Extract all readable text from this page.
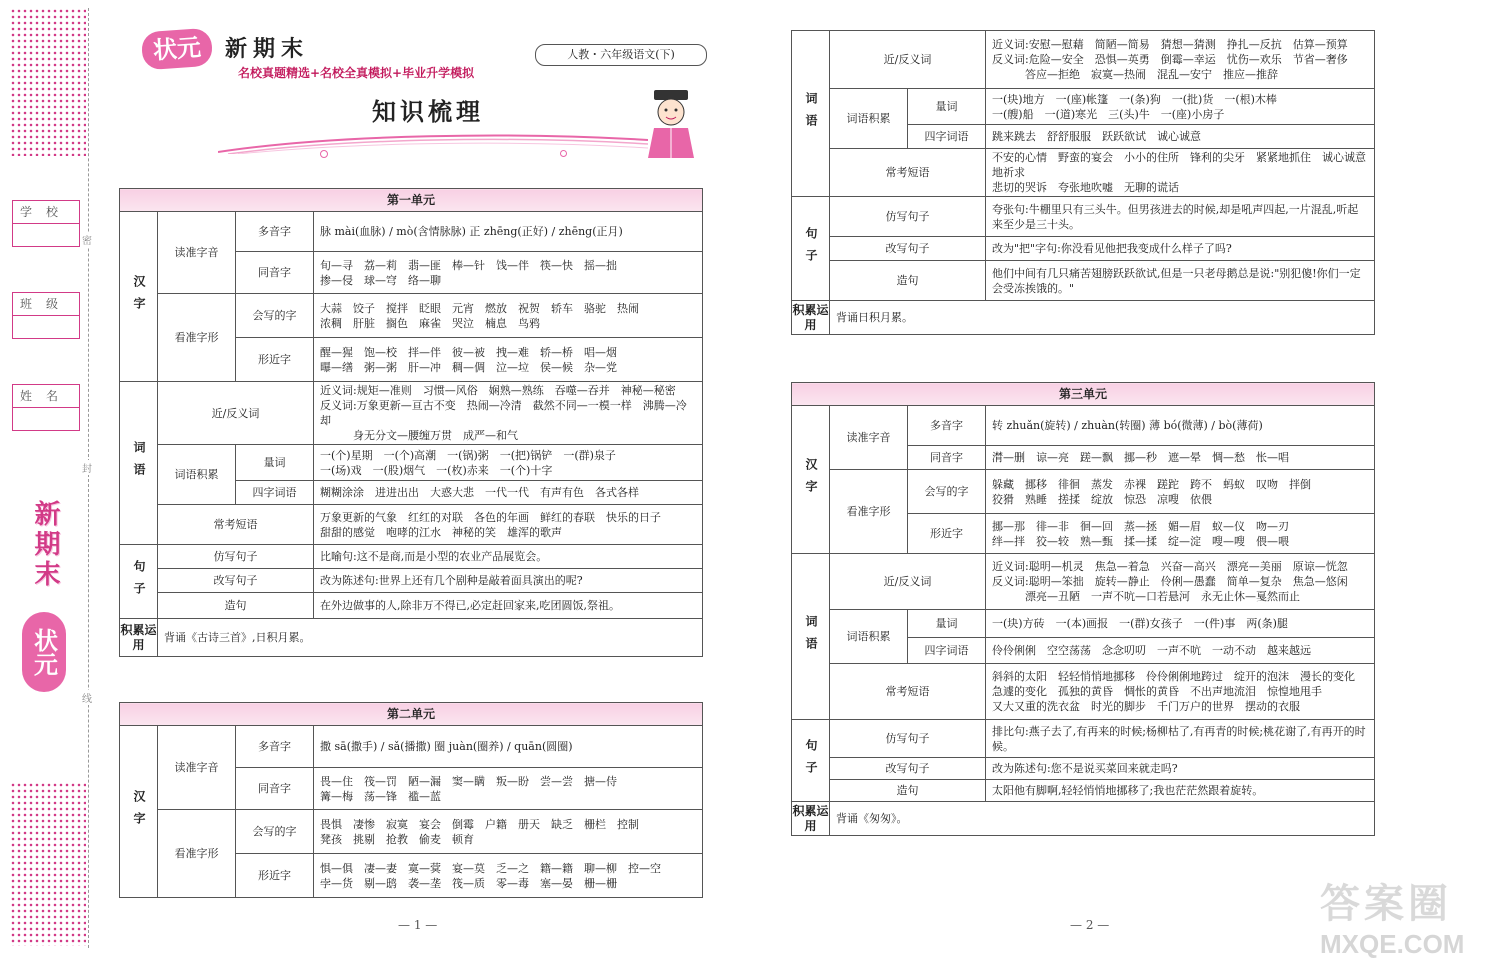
学校
班级
姓名
密
封
线
新期末
状元
状元	新期末
名校真题精选+名校全真模拟+毕业升学模拟
人教・六年级语文(下)
知识梳理
第一单元			

汉字	读准字音	多音字	脉 mài(血脉) / mò(含情脉脉) 正 zhēng(正好) / zhēng(正月)
		同音字	旬—寻　荔—莉　翡—匪　棒—针　饯—伴　筷—快　摇—拙
掺—侵　球—穹　络—聊
	看准字形	会写的字	大蒜　饺子　搅拌　眨眼　元宵　燃放　祝贺　轿车　骆驼　热闹
浓稠　肝脏　搁色　麻雀　哭泣　楠息　鸟鸦
		形近字	醒—猩　饱—校　拌—伴　彼—被　拽—难　轿—桥　唱—烟
曝—缮　粥—粥　肝—冲　稠—倜　泣—垃　侯—候　杂—党

词语	近/反义词		近义词:规矩—准则　习惯—风俗　娴熟—熟练　吞噬—吞并　神秘—秘密
反义词:万象更新—亘古不变　热闹—冷清　截然不同—一模一样　沸腾—冷却
　　　身无分文—腰缠万贯　成严—和气
	词语积累	量词	一(个)星期　一(个)高潮　一(锅)粥　一(把)锅铲　一(群)泉子
一(场)戏　一(股)烟气　一(枚)赤来　一(个)十字
		四字词语	糊糊涂涂　进进出出　大惑大悲　一代一代　有声有色　各式各样
	常考短语		万象更新的气象　红红的对联　各色的年画　鲜红的春联　快乐的日子
甜甜的感觉　咆哮的江水　神秘的笑　雄浑的歌声

句子	仿写句子		比喻句:这不是商,而是小型的农业产品展览会。
	改写句子		改为陈述句:世界上还有几个剧种是敲着面具演出的呢?
	造句		在外边做事的人,除非万不得已,必定赶回家来,吃团圆饭,祭祖。
积累运用	背诵《古诗三首》,日积月累。		
第二单元			

汉字	读准字音	多音字	撒 sā(撒手) / sǎ(播撒) 圈 juàn(圈养) / quān(圆圈)
		同音字	畏—住　筏—罚　陋—漏　窦—瞒　叛—盼　尝—尝　搪—侍
篝—梅　荡—锋　褴—蓝
	看准字形	会写的字	畏惧　凄惨　寂寞　宴会　倒霉　户籍　册天　缺乏　栅栏　控制
凳孩　挑剔　抢教　偷麦　顿育
		形近字	惧—俱　凄—妻　寞—蓂　宴—莫　乏—之　籍—籍　聊—柳　控—空
孛—货　剔—鸱　袭—垄　筏—质　零—毒　塞—晏　栅—栅
— 1 —
词语	近/反义词		近义词:安慰—慰藉　简陋—简易　猜想—猜测　挣扎—反抗　估算—预算
反义词:危险—安全　恐惧—英勇　倒霉—幸运　忧伤—欢乐　节省—奢侈
　　　答应—拒绝　寂寞—热闹　混乱—安宁　推应—推辞
	词语积累	量词	一(块)地方　一(座)帐篷　一(条)狗　一(批)货　一(根)木棒
一(艘)船　一(道)寒光　三(头)牛　一(座)小房子
		四字词语	跳来跳去　舒舒服服　跃跃欲试　诚心诚意
	常考短语		不安的心情　野蛮的宴会　小小的住所　锋利的尖牙　紧紧地抓住　诚心诚意地祈求
悲切的哭诉　夸张地吹嘘　无聊的谎话

句子	仿写句子		夸张句:牛棚里只有三头牛。但男孩进去的时候,却是吼声四起,一片混乱,听起来至少是三十头。
	改写句子		改为"把"字句:你没看见他把我变成什么样子了吗?
	造句		他们中间有几只痛苦翅膀跃跃欲试,但是一只老母鹅总是说:"别犯傻!你们一定会受冻挨饿的。"
积累运用	背诵日积月累。		
第三单元			

汉字	读准字音	多音字	转 zhuǎn(旋转) / zhuàn(转圈) 薄 bó(微薄) / bò(薄荷)
		同音字	潸—删　谅—亮　蹉—飘　挪—秒　遮—晕　惆—愁　怅—唱
	看准字形	会写的字	躲藏　挪移　徘徊　蒸发　赤裸　蹉跎　跨不　蚂蚁　叹吻　拌倒
狡猾　熟睡　搓揉　绽放　惊恐　凉嗖　依偎
		形近字	挪—那　徘—非　徊—回　蒸—拯　媚—眉　蚁—仪　吻—刃
绊—拌　狡—较　熟—甄　揉—揉　绽—淀　嗖—嗖　偎—喂

词语	近/反义词		近义词:聪明—机灵　焦急—着急　兴奋—高兴　漂亮—美丽　原谅—恍忽
反义词:聪明—笨拙　旋转—静止　伶俐—愚蠢　简单—复杂　焦急—悠闲
　　　漂亮—丑陋　一声不吭—口若悬河　永无止休—戛然而止
	词语积累	量词	一(块)方砖　一(本)画报　一(群)女孩子　一(件)事　两(条)腿
		四字词语	伶伶俐俐　空空荡荡　念念叨叨　一声不吭　一动不动　越来越远
	常考短语		斜斜的太阳　轻轻悄悄地挪移　伶伶俐俐地跨过　绽开的泡沫　漫长的变化
急遽的变化　孤独的黄昏　惆怅的黄昏　不出声地流泪　惊惶地甩手
又大又重的洗衣盆　时光的脚步　千门万户的世界　摆动的衣服

句子	仿写句子		排比句:燕子去了,有再来的时候;杨柳枯了,有再青的时候;桃花谢了,有再开的时候。
	改写句子		改为陈述句:您不是说买菜回来就走吗?
	造句		太阳他有脚啊,轻轻悄悄地挪移了;我也茫茫然跟着旋转。
积累运用	背诵《匆匆》。		
— 2 —	答案圈
MXQE.COM
